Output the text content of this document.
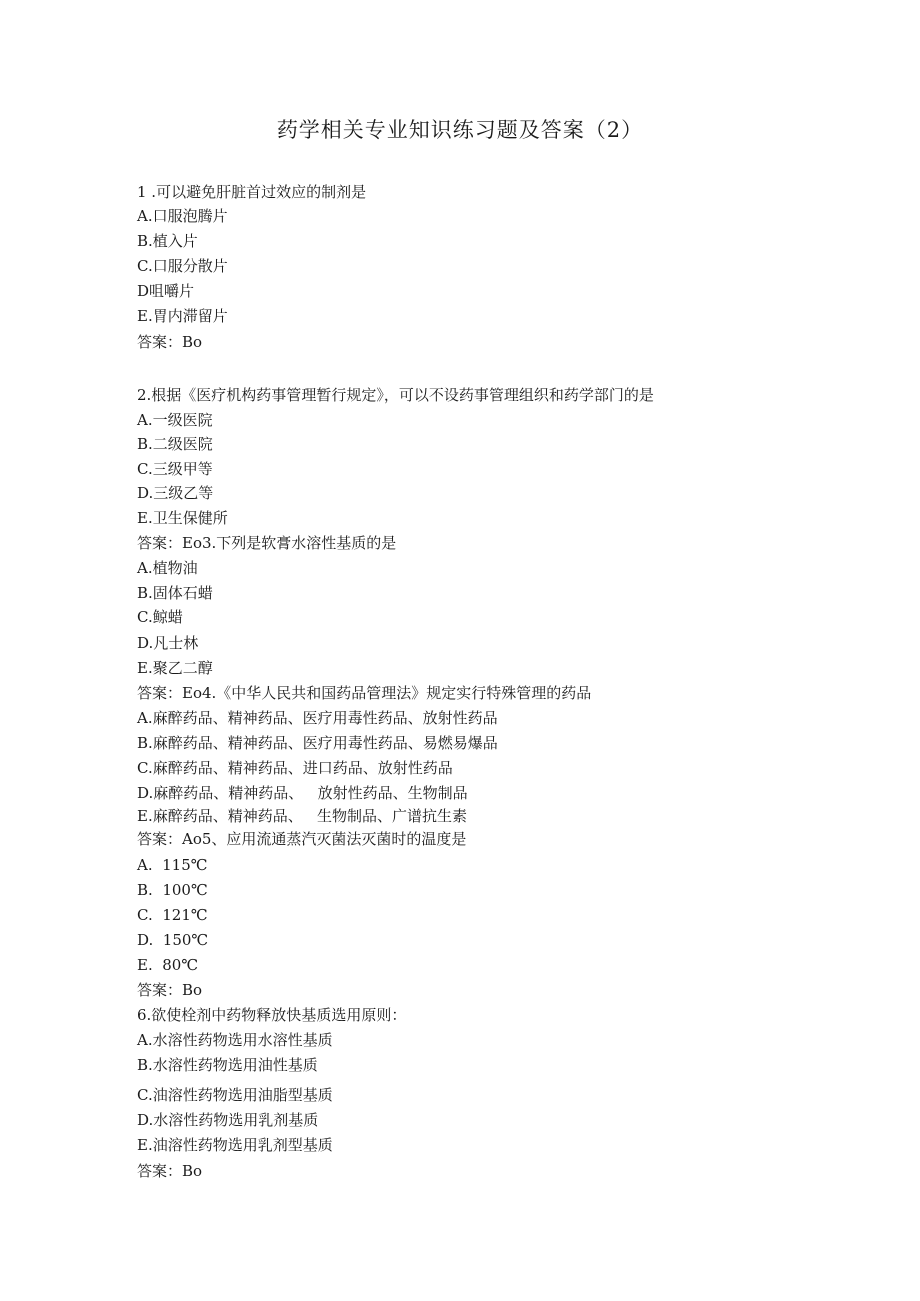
药学相关专业知识练习题及答案（2）
1 .可以避免肝脏首过效应的制剂是
A.口服泡腾片
B.植入片
C.口服分散片
D咀嚼片
E.胃内滞留片
答案：Bo
2.根据《医疗机构药事管理暂行规定》，可以不设药事管理组织和药学部门的是
A.一级医院
B.二级医院
C.三级甲等
D.三级乙等
E.卫生保健所
答案：Eo3.下列是软膏水溶性基质的是
A.植物油
B.固体石蜡
C.鲸蜡
D.凡士林
E.聚乙二醇
答案：Eo4.《中华人民共和国药品管理法》规定实行特殊管理的药品
A.麻醉药品、精神药品、医疗用毒性药品、放射性药品
B.麻醉药品、精神药品、医疗用毒性药品、易燃易爆品
C.麻醉药品、精神药品、进口药品、放射性药品
D.麻醉药品、精神药品、   放射性药品、生物制品
E.麻醉药品、精神药品、   生物制品、广谱抗生素
答案：Ao5、应用流通蒸汽灭菌法灭菌时的温度是
A.  115℃
B.  100℃
C.  121℃
D.  150℃
E.  80℃
答案：Bo
6.欲使栓剂中药物释放快基质选用原则：
A.水溶性药物选用水溶性基质
B.水溶性药物选用油性基质
C.油溶性药物选用油脂型基质
D.水溶性药物选用乳剂基质
E.油溶性药物选用乳剂型基质
答案：Bo
